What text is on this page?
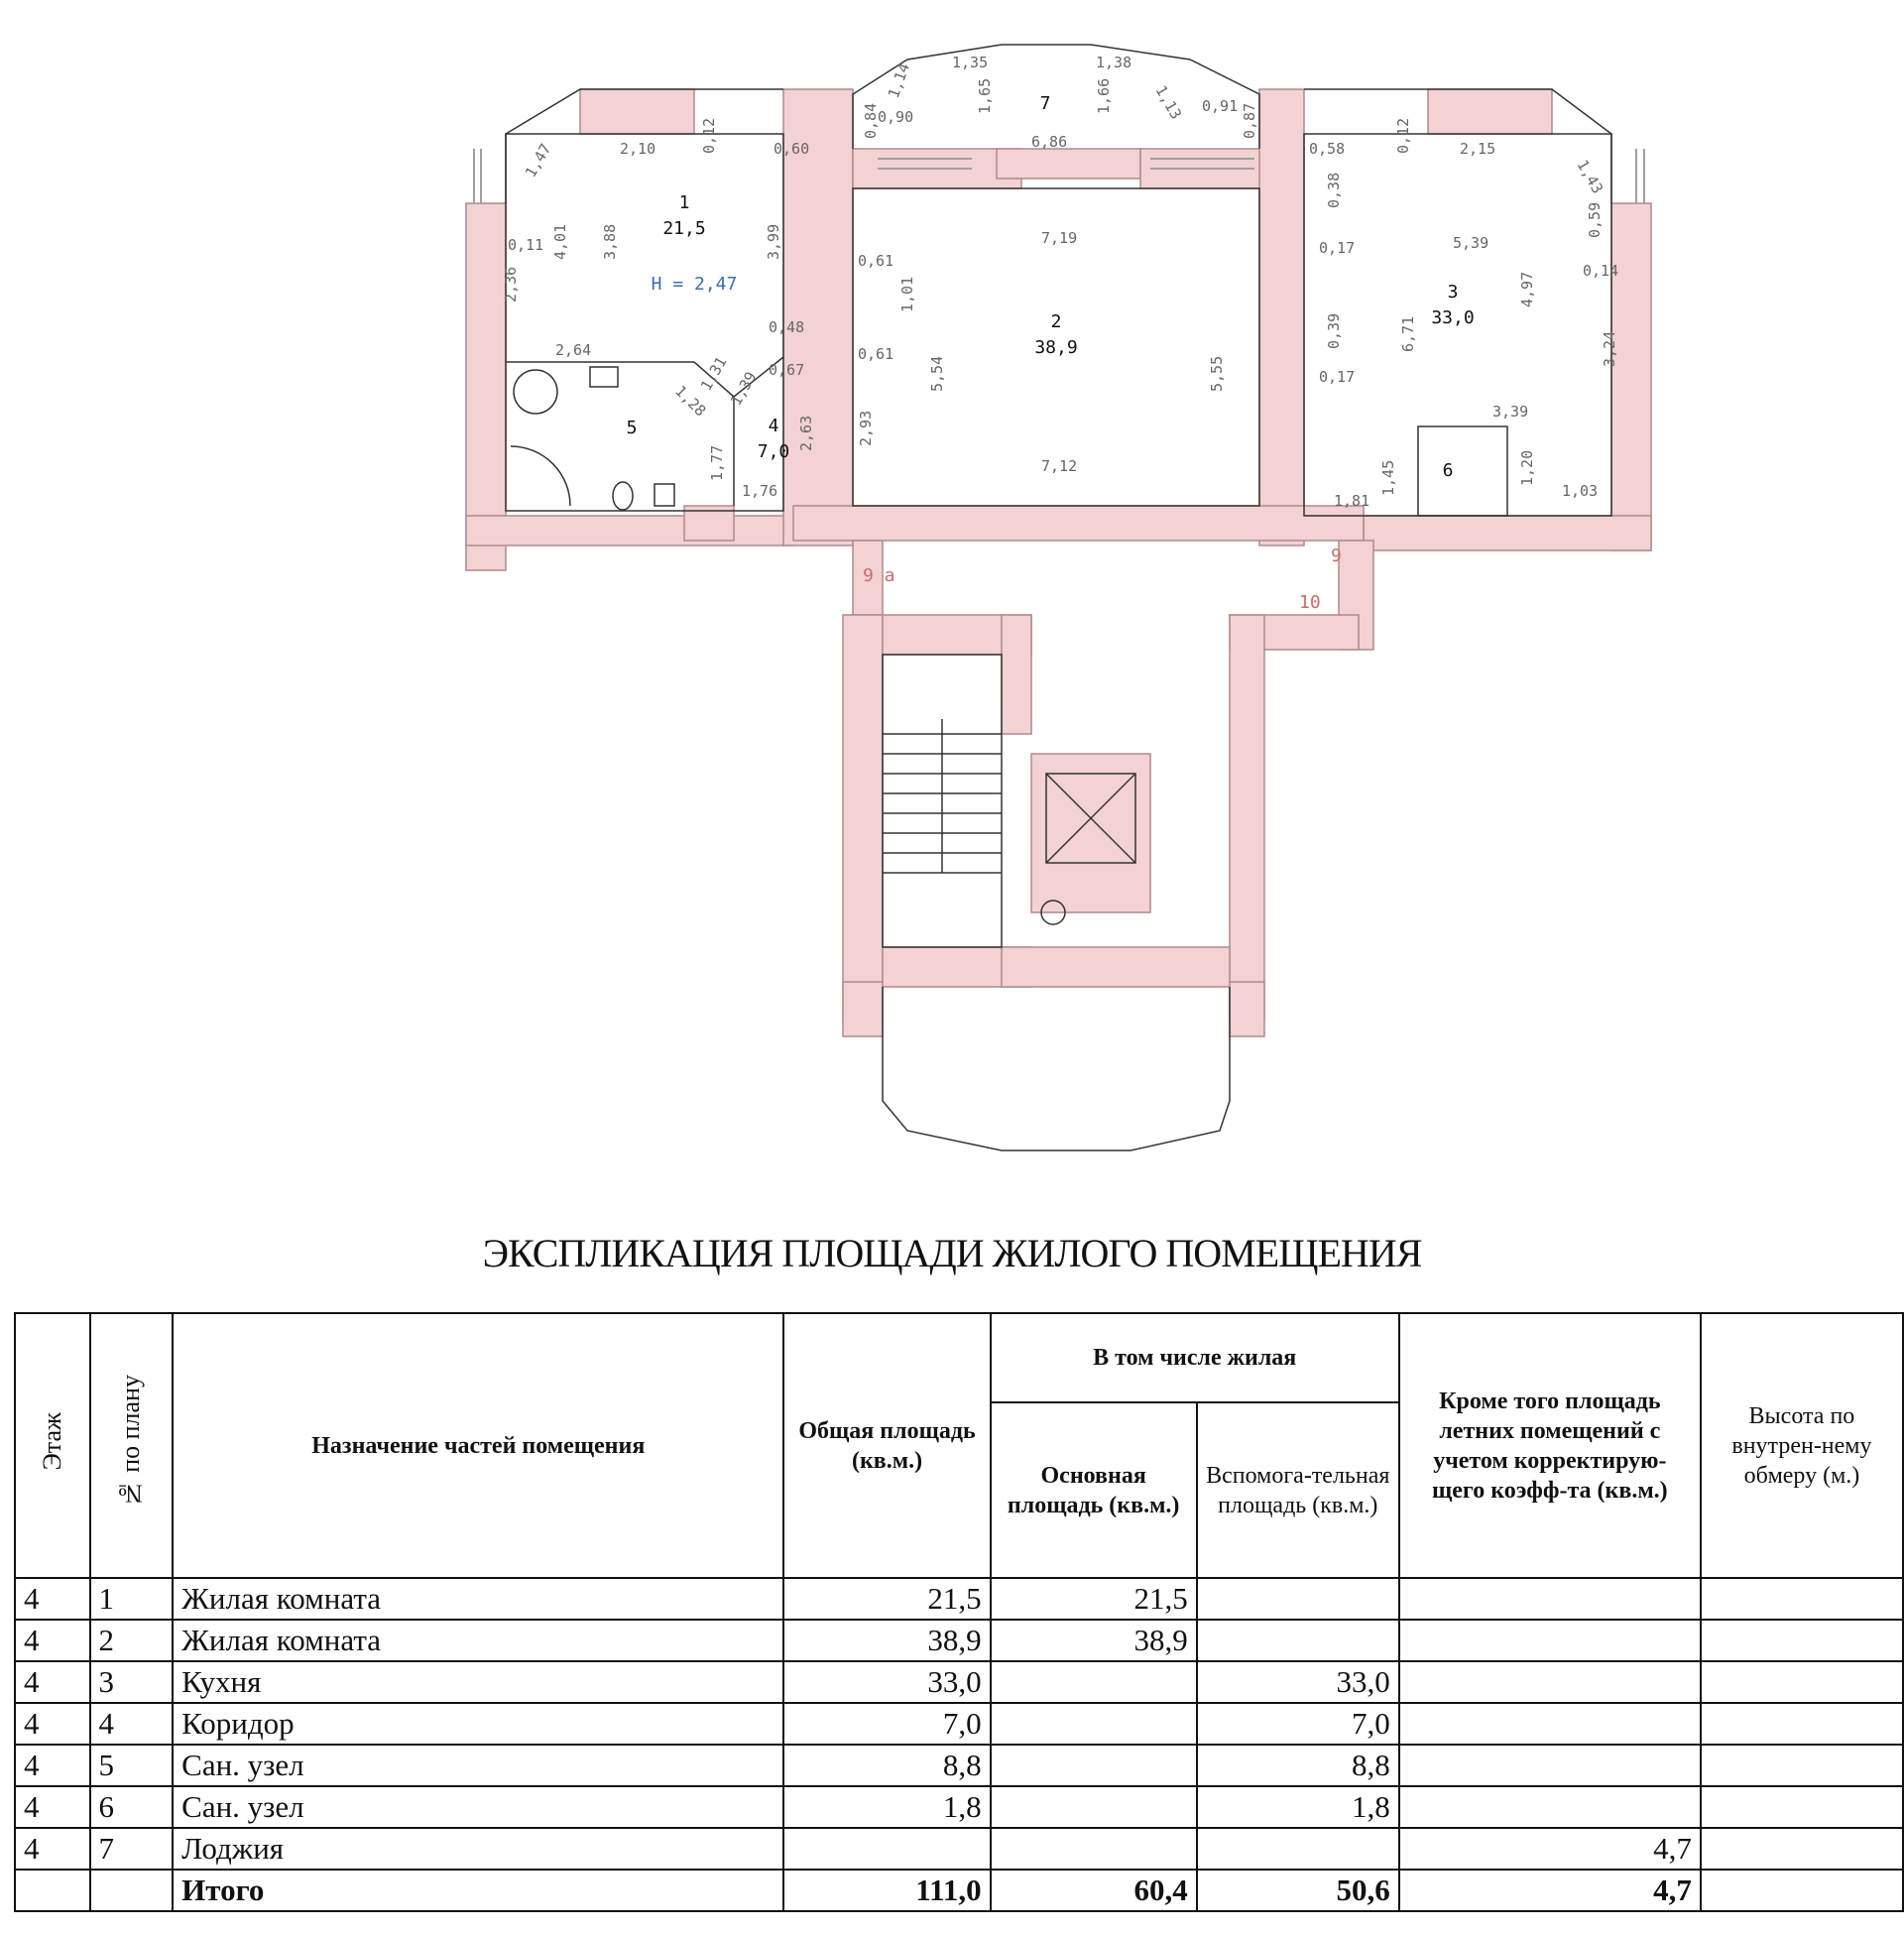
1
21,5
2
38,9
3
33,0
4
7,0
5
6
7
H = 2,47
9
9 а
10
1,35	1,38
1,14
1,13
1,65	1,66
0,90
0,91
0,84	0,87
6,86
2,10	0,12	0,60
1,47
0,11 4,01 3,88	3,99
2,36
2,64
0,48
0,67
1,28
1,31
1,39
1,77
1,76
2,63	2,93
0,61
0,61
1,01
5,54
7,19
7,12
5,55
0,58	0,12	2,15
1,43
0,38
0,17	5,39
0,59
0,14
4,97
6,71
0,39
0,17
3,24
3,39
1,45	1,20
1,81
1,03
ЭКСПЛИКАЦИЯ ПЛОЩАДИ ЖИЛОГО ПОМЕЩЕНИЯ
Этаж	№ по плану	Назначение частей помещения	Общая площадь (кв.м.)	В том числе жилая		Кроме того площадь летних помещений с учетом корректирую-щего коэфф-та (кв.м.)	Высота по внутрен-нему обмеру (м.)
				Основная площадь (кв.м.)	Вспомога-тельная площадь (кв.м.)		
4	1	Жилая комната	21,5	21,5			
4	2	Жилая комната	38,9	38,9			
4	3	Кухня	33,0		33,0		
4	4	Коридор	7,0		7,0		
4	5	Сан. узел	8,8		8,8		
4	6	Сан. узел	1,8		1,8		
4	7	Лоджия				4,7	
		Итого	111,0	60,4	50,6	4,7	
